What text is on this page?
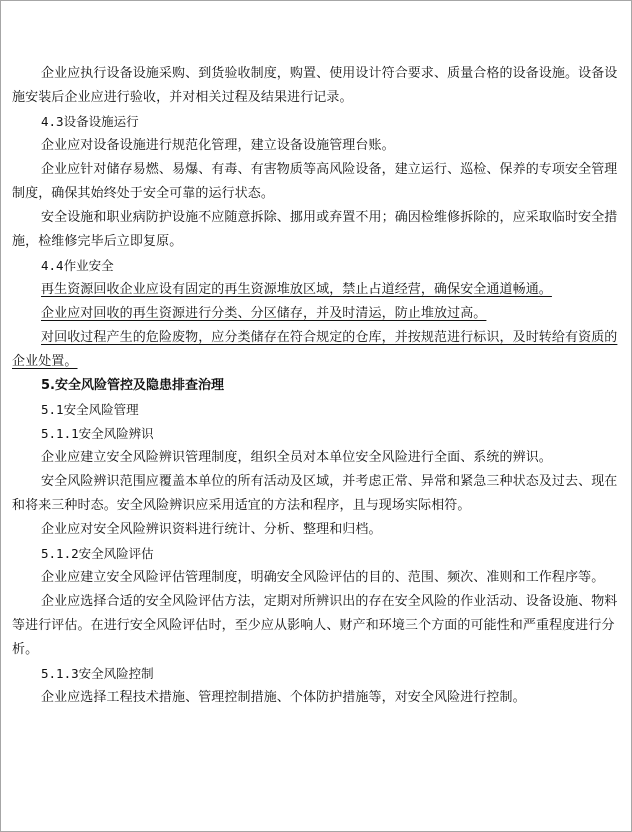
企业应执行设备设施采购、到货验收制度，购置、使用设计符合要求、质量合格的设备设施。设备设施安装后企业应进行验收，并对相关过程及结果进行记录。

4.3设备设施运行

企业应对设备设施进行规范化管理，建立设备设施管理台账。

企业应针对储存易燃、易爆、有毒、有害物质等高风险设备，建立运行、巡检、保养的专项安全管理制度，确保其始终处于安全可靠的运行状态。

安全设施和职业病防护设施不应随意拆除、挪用或弃置不用；确因检维修拆除的，应采取临时安全措施，检维修完毕后立即复原。

4.4作业安全

再生资源回收企业应设有固定的再生资源堆放区域，禁止占道经营，确保安全通道畅通。

企业应对回收的再生资源进行分类、分区储存，并及时清运，防止堆放过高。

对回收过程产生的危险废物，应分类储存在符合规定的仓库，并按规范进行标识，及时转给有资质的企业处置。

5.安全风险管控及隐患排查治理

5.1安全风险管理

5.1.1安全风险辨识

企业应建立安全风险辨识管理制度，组织全员对本单位安全风险进行全面、系统的辨识。

安全风险辨识范围应覆盖本单位的所有活动及区域，并考虑正常、异常和紧急三种状态及过去、现在和将来三种时态。安全风险辨识应采用适宜的方法和程序，且与现场实际相符。

企业应对安全风险辨识资料进行统计、分析、整理和归档。

5.1.2安全风险评估

企业应建立安全风险评估管理制度，明确安全风险评估的目的、范围、频次、准则和工作程序等。

企业应选择合适的安全风险评估方法，定期对所辨识出的存在安全风险的作业活动、设备设施、物料等进行评估。在进行安全风险评估时，至少应从影响人、财产和环境三个方面的可能性和严重程度进行分析。

5.1.3安全风险控制

企业应选择工程技术措施、管理控制措施、个体防护措施等，对安全风险进行控制。
